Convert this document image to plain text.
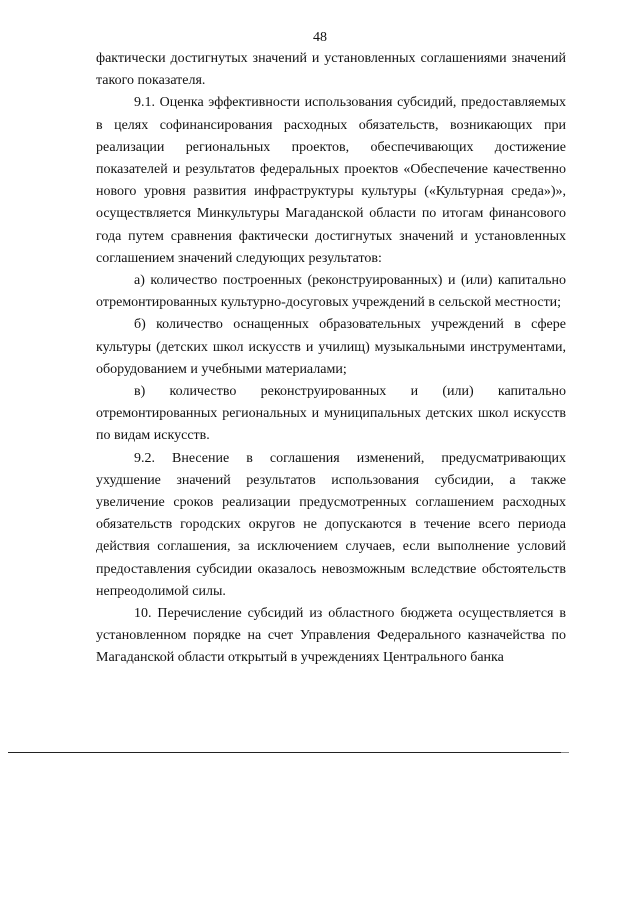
48

фактически достигнутых значений и установленных соглашениями значений такого показателя.

9.1. Оценка эффективности использования субсидий, предоставляемых в целях софинансирования расходных обязательств, возникающих при реализации региональных проектов, обеспечивающих достижение показателей и результатов федеральных проектов «Обеспечение качественно нового уровня развития инфраструктуры культуры («Культурная среда»)», осуществляется Минкультуры Магаданской области по итогам финансового года путем сравнения фактически достигнутых значений и установленных соглашением значений следующих результатов:

а) количество построенных (реконструированных) и (или) капитально отремонтированных культурно-досуговых учреждений в сельской местности;

б) количество оснащенных образовательных учреждений в сфере культуры (детских школ искусств и училищ) музыкальными инструментами, оборудованием и учебными материалами;

в) количество реконструированных и (или) капитально отремонтированных региональных и муниципальных детских школ искусств по видам искусств.

9.2. Внесение в соглашения изменений, предусматривающих ухудшение значений результатов использования субсидии, а также увеличение сроков реализации предусмотренных соглашением расходных обязательств городских округов не допускаются в течение всего периода действия соглашения, за исключением случаев, если выполнение условий предоставления субсидии оказалось невозможным вследствие обстоятельств непреодолимой силы.

10. Перечисление субсидий из областного бюджета осуществляется в установленном порядке на счет Управления Федерального казначейства по Магаданской области открытый в учреждениях Центрального банка
